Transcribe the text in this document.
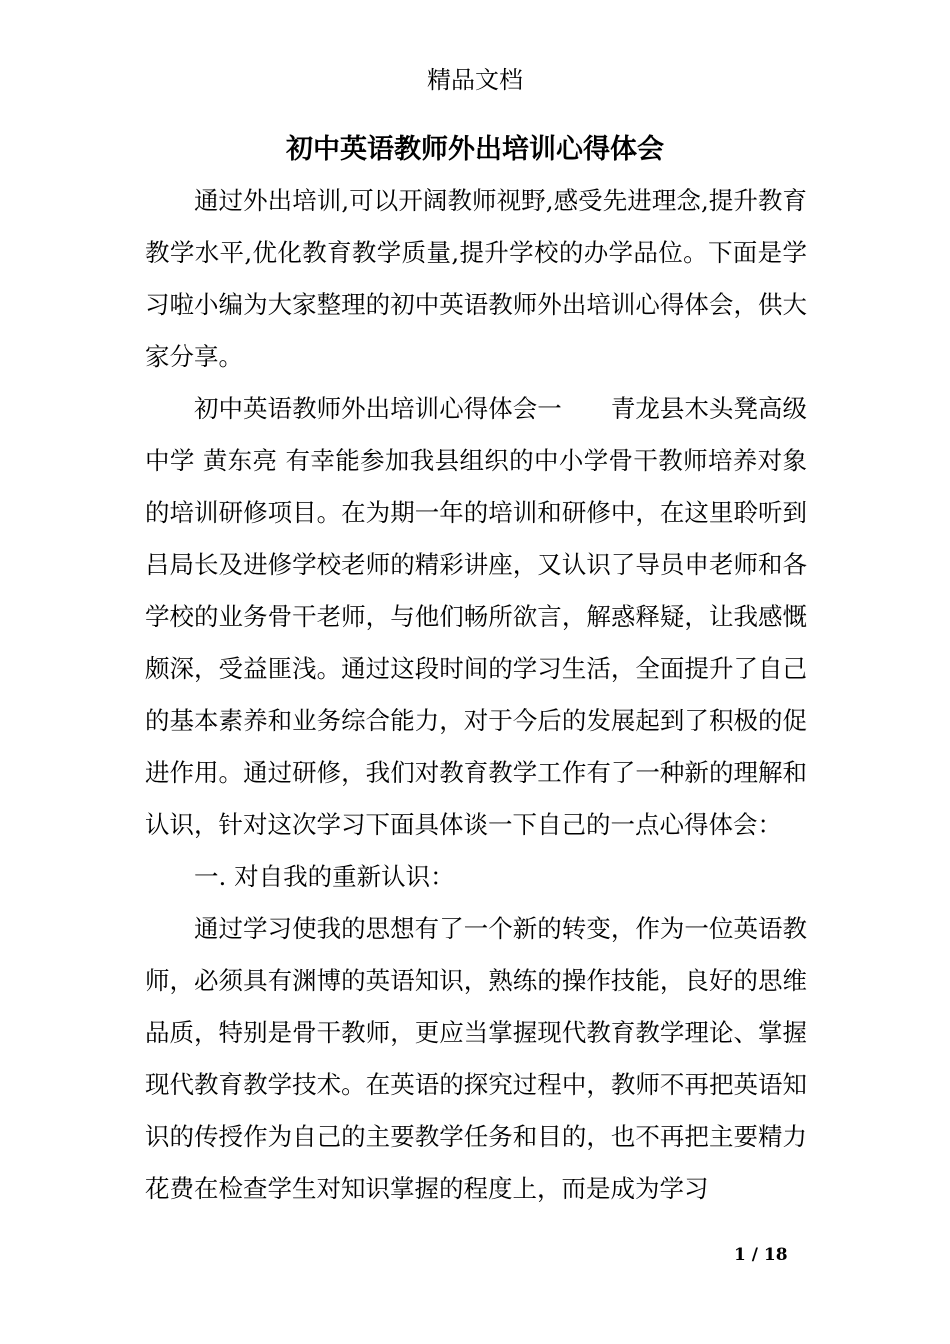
精品文档
初中英语教师外出培训心得体会

通过外出培训,可以开阔教师视野,感受先进理念,提升教育教学水平,优化教育教学质量,提升学校的办学品位。下面是学习啦小编为大家整理的初中英语教师外出培训心得体会，供大家分享。

初中英语教师外出培训心得体会一　　青龙县木头凳高级中学 黄东亮 有幸能参加我县组织的中小学骨干教师培养对象的培训研修项目。在为期一年的培训和研修中，在这里聆听到吕局长及进修学校老师的精彩讲座，又认识了导员申老师和各学校的业务骨干老师，与他们畅所欲言，解惑释疑，让我感慨颇深，受益匪浅。通过这段时间的学习生活，全面提升了自己的基本素养和业务综合能力，对于今后的发展起到了积极的促进作用。通过研修，我们对教育教学工作有了一种新的理解和认识，针对这次学习下面具体谈一下自己的一点心得体会：

一. 对自我的重新认识：

通过学习使我的思想有了一个新的转变，作为一位英语教师，必须具有渊博的英语知识，熟练的操作技能，良好的思维品质，特别是骨干教师，更应当掌握现代教育教学理论、掌握现代教育教学技术。在英语的探究过程中，教师不再把英语知识的传授作为自己的主要教学任务和目的，也不再把主要精力花费在检查学生对知识掌握的程度上，而是成为学习

1 / 18
